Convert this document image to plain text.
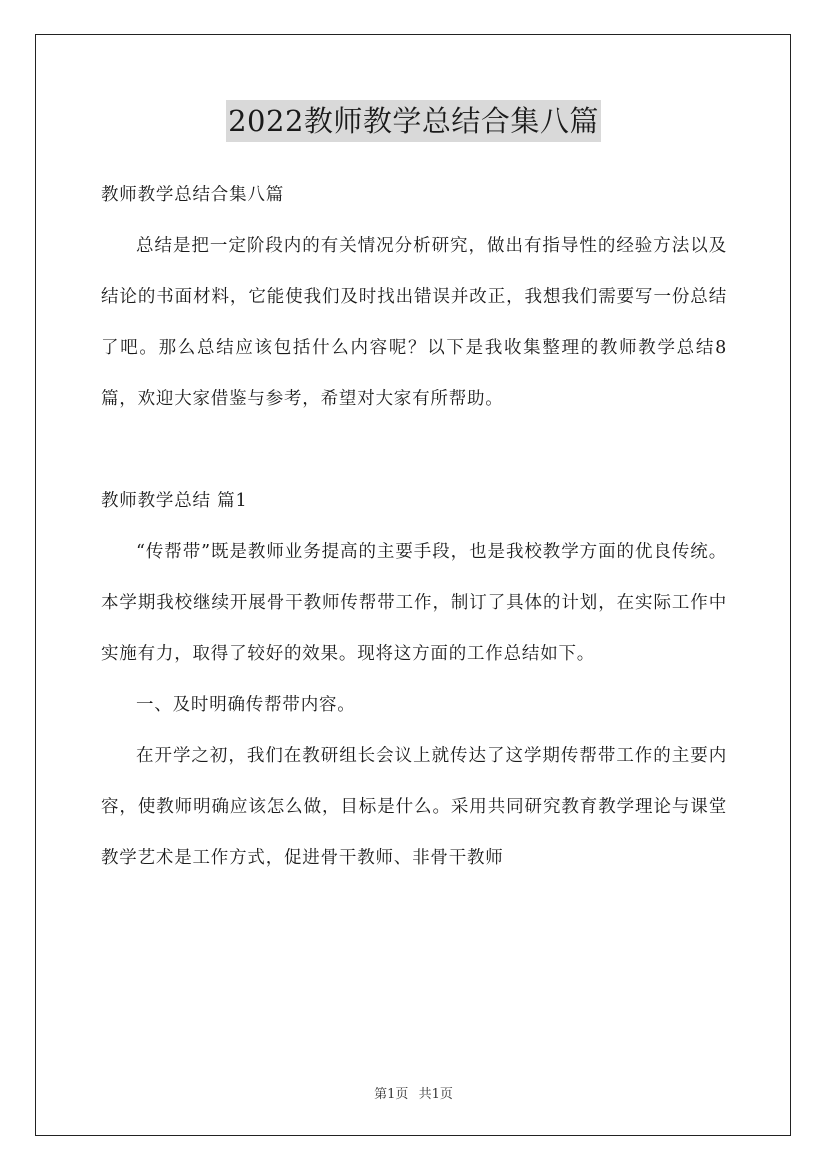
2022教师教学总结合集八篇

教师教学总结合集八篇

总结是把一定阶段内的有关情况分析研究，做出有指导性的经验方法以及结论的书面材料，它能使我们及时找出错误并改正，我想我们需要写一份总结了吧。那么总结应该包括什么内容呢？以下是我收集整理的教师教学总结8篇，欢迎大家借鉴与参考，希望对大家有所帮助。

教师教学总结 篇1

“传帮带”既是教师业务提高的主要手段，也是我校教学方面的优良传统。本学期我校继续开展骨干教师传帮带工作，制订了具体的计划，在实际工作中实施有力，取得了较好的效果。现将这方面的工作总结如下。

一、及时明确传帮带内容。

在开学之初，我们在教研组长会议上就传达了这学期传帮带工作的主要内容，使教师明确应该怎么做，目标是什么。采用共同研究教育教学理论与课堂教学艺术是工作方式，促进骨干教师、非骨干教师

第1页 共1页
